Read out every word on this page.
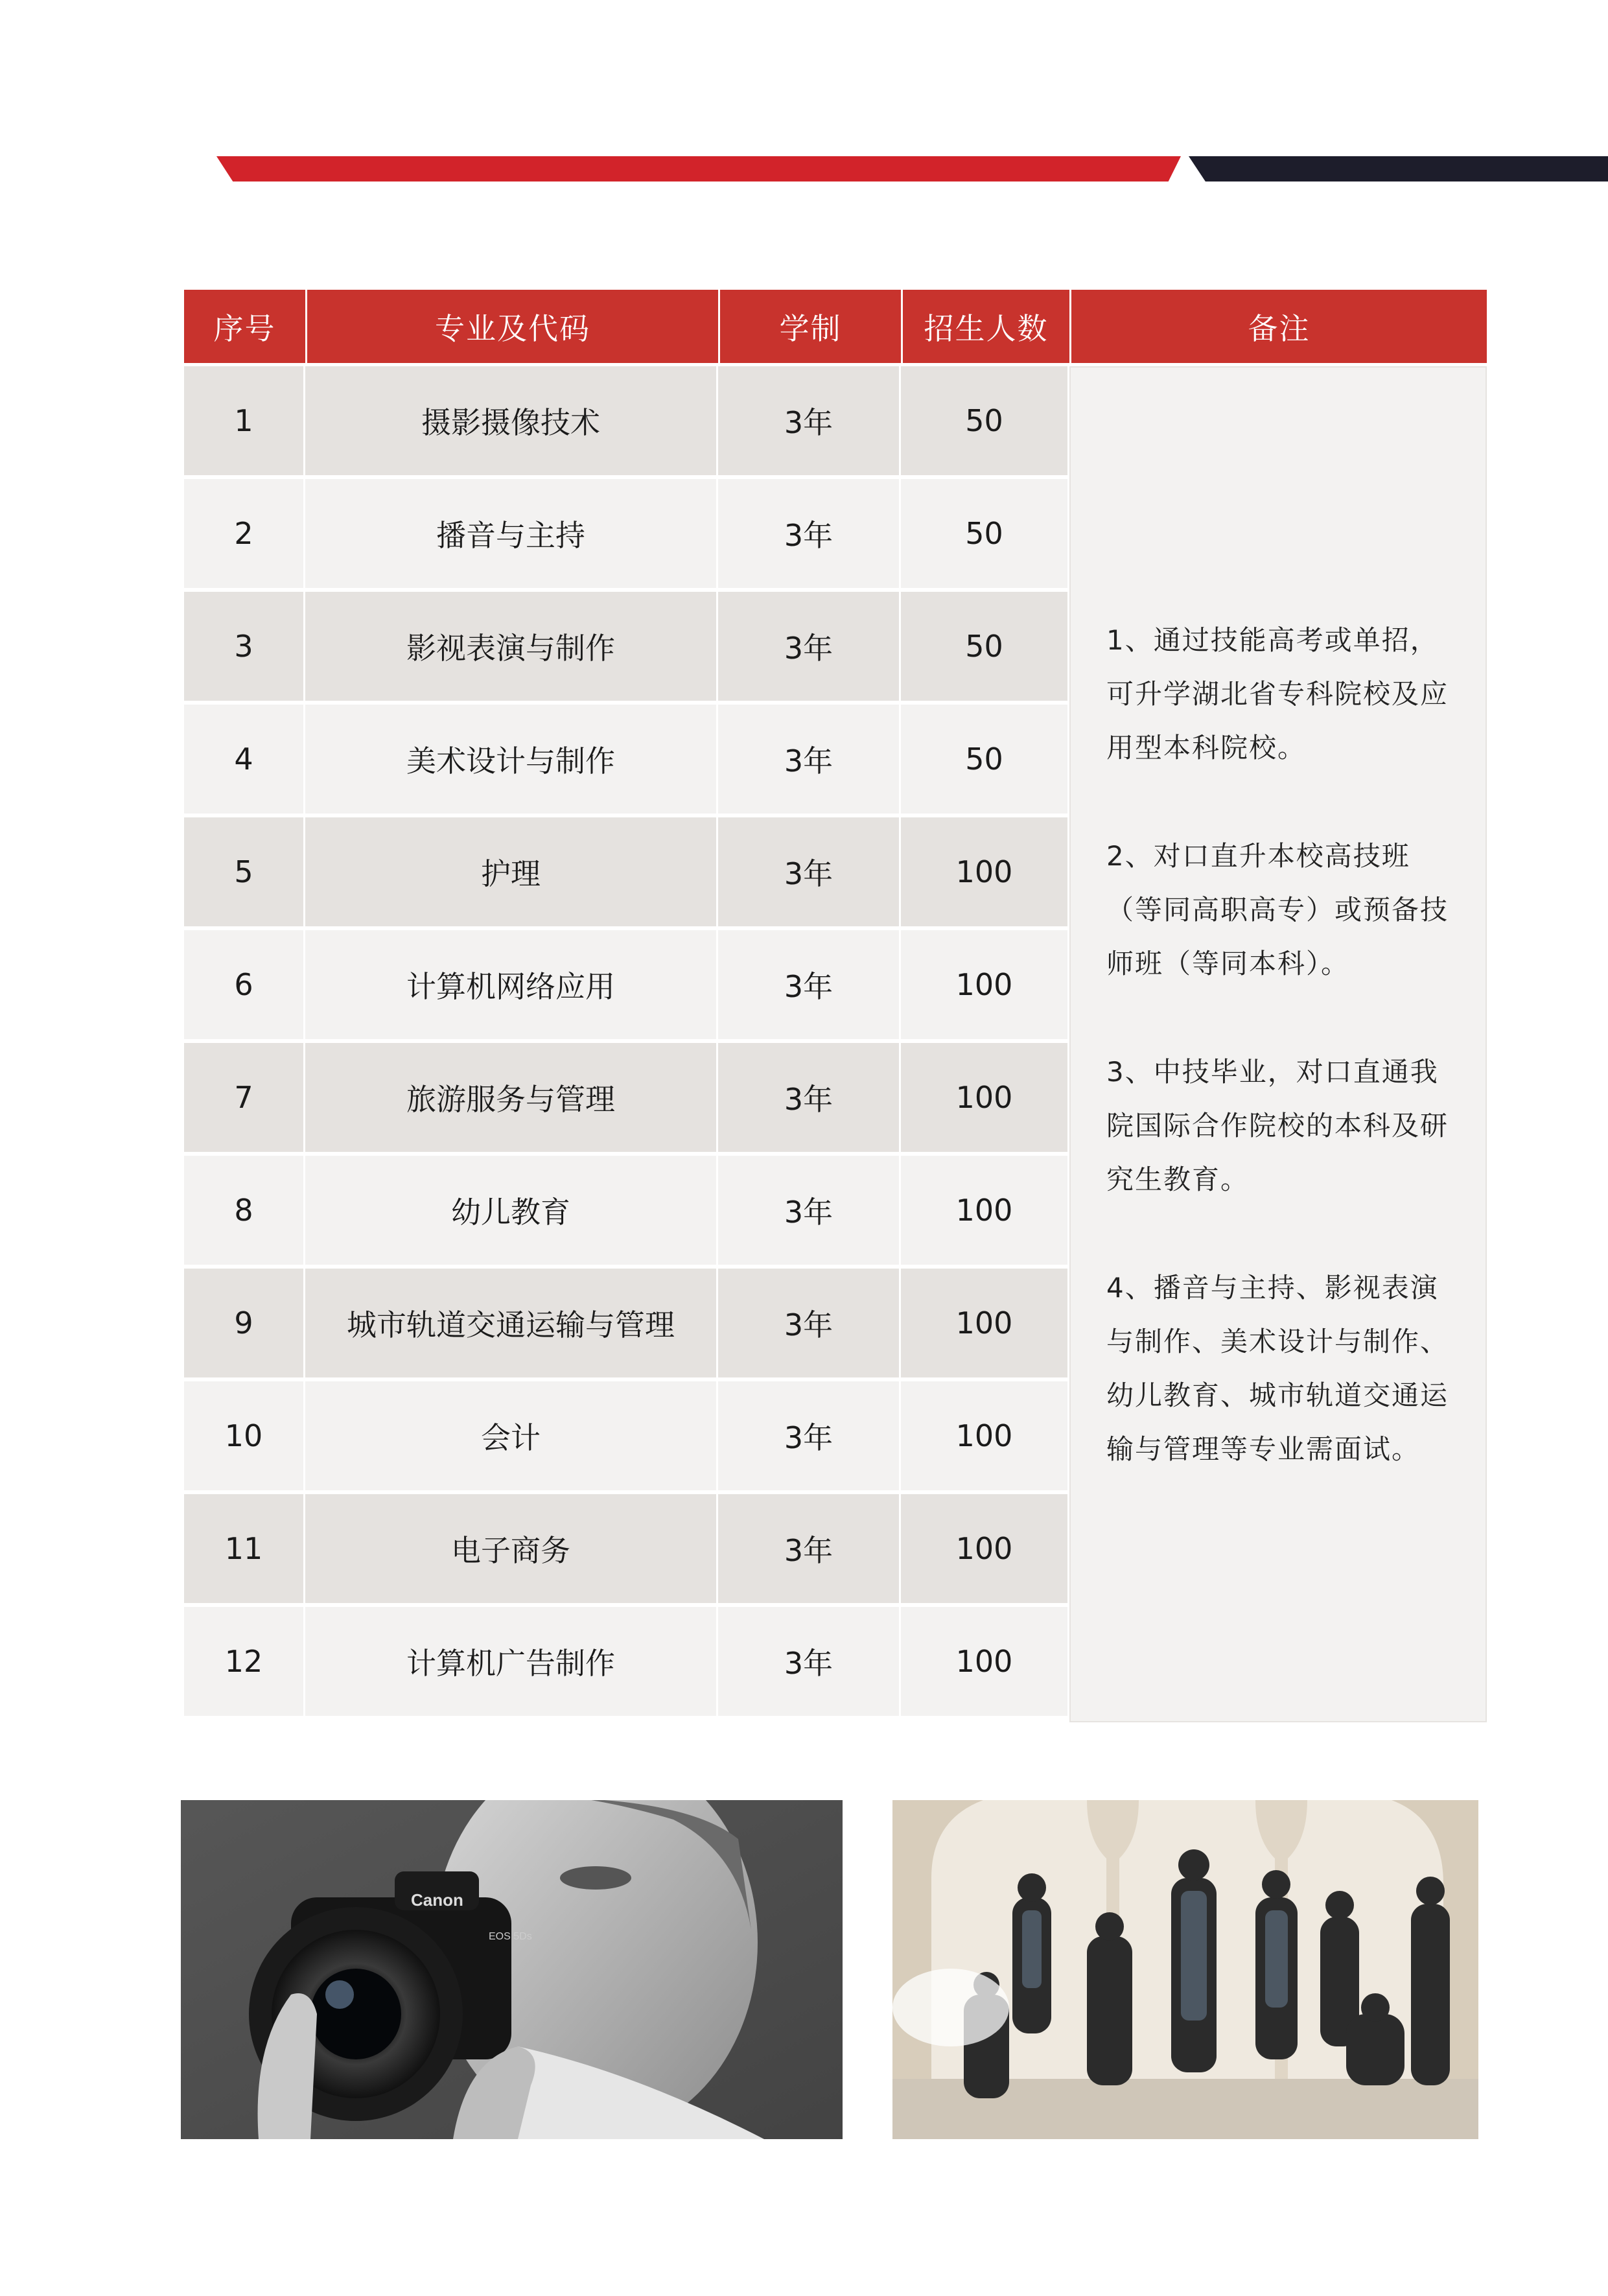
序号	专业及代码	学制	招生人数	备注
1	摄影摄像技术	3年	50
2	播音与主持	3年	50
3	影视表演与制作	3年	50
4	美术设计与制作	3年	50
5	护理	3年	100
6	计算机网络应用	3年	100
7	旅游服务与管理	3年	100
8	幼儿教育	3年	100
9	城市轨道交通运输与管理	3年	100
10	会计	3年	100
11	电子商务	3年	100
12	计算机广告制作	3年	100

1、通过技能高考或单招，可升学湖北省专科院校及应用型本科院校。

2、对口直升本校高技班（等同高职高专）或预备技师班（等同本科）。

3、中技毕业，对口直通我院国际合作院校的本科及研究生教育。

4、播音与主持、影视表演与制作、美术设计与制作、幼儿教育、城市轨道交通运输与管理等专业需面试。

Canon
EOS 5Ds
